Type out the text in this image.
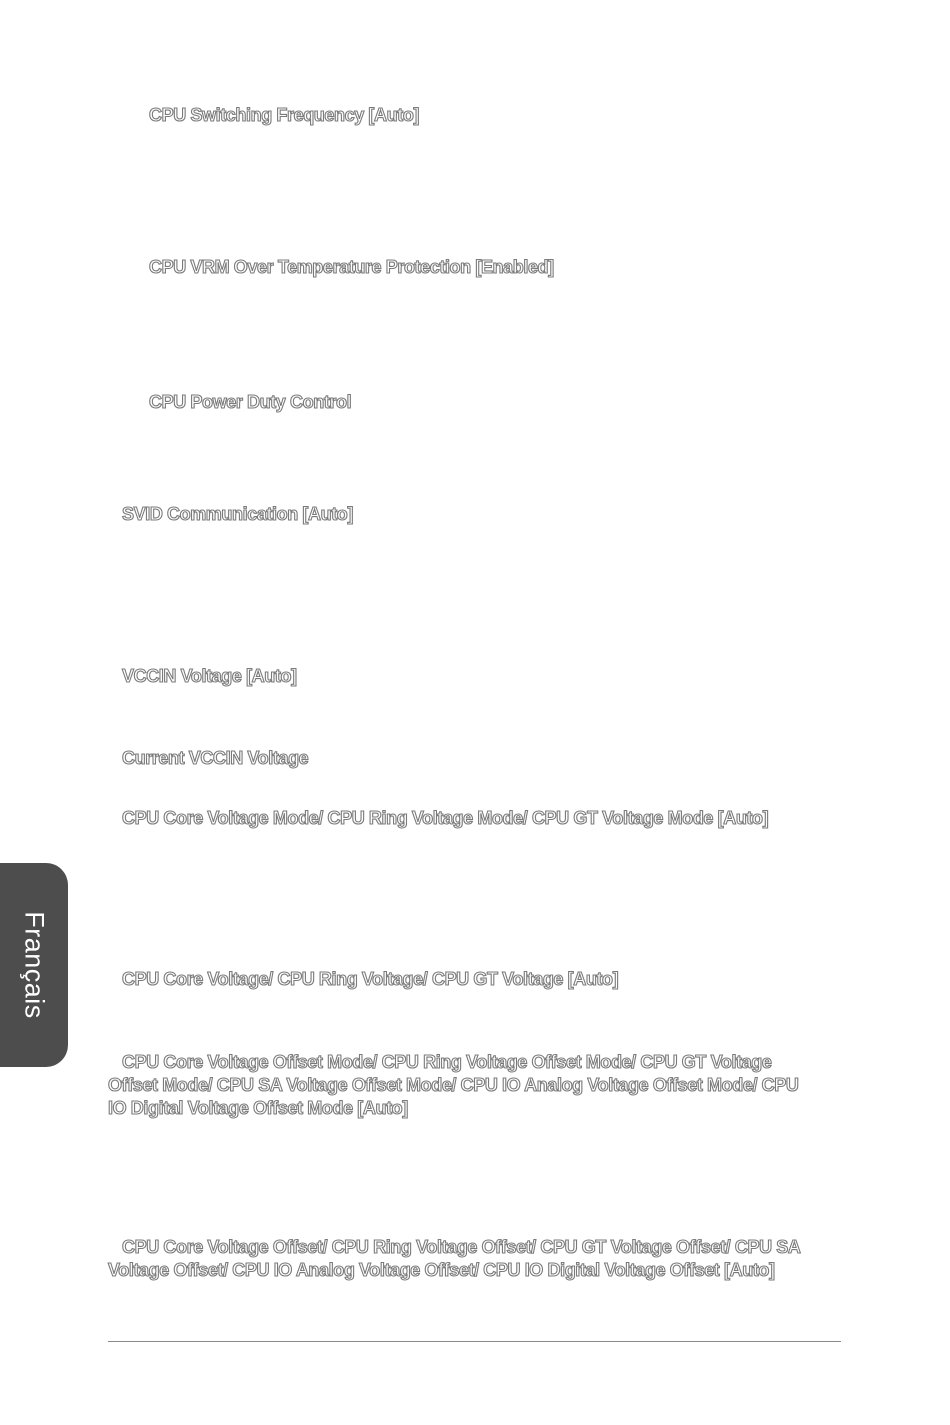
CPU Switching Frequency [Auto]
CPU VRM Over Temperature Protection [Enabled]
CPU Power Duty Control
SVID Communication [Auto]
VCCIN Voltage [Auto]
Current VCCIN Voltage
CPU Core Voltage Mode/ CPU Ring Voltage Mode/ CPU GT Voltage Mode [Auto]
CPU Core Voltage/ CPU Ring Voltage/ CPU GT Voltage [Auto]
CPU Core Voltage Offset Mode/ CPU Ring Voltage Offset Mode/ CPU GT Voltage Offset Mode/ CPU SA Voltage Offset Mode/ CPU IO Analog Voltage Offset Mode/ CPU IO Digital Voltage Offset Mode [Auto]
CPU Core Voltage Offset/ CPU Ring Voltage Offset/ CPU GT Voltage Offset/ CPU SA Voltage Offset/ CPU IO Analog Voltage Offset/ CPU IO Digital Voltage Offset [Auto]
Français
